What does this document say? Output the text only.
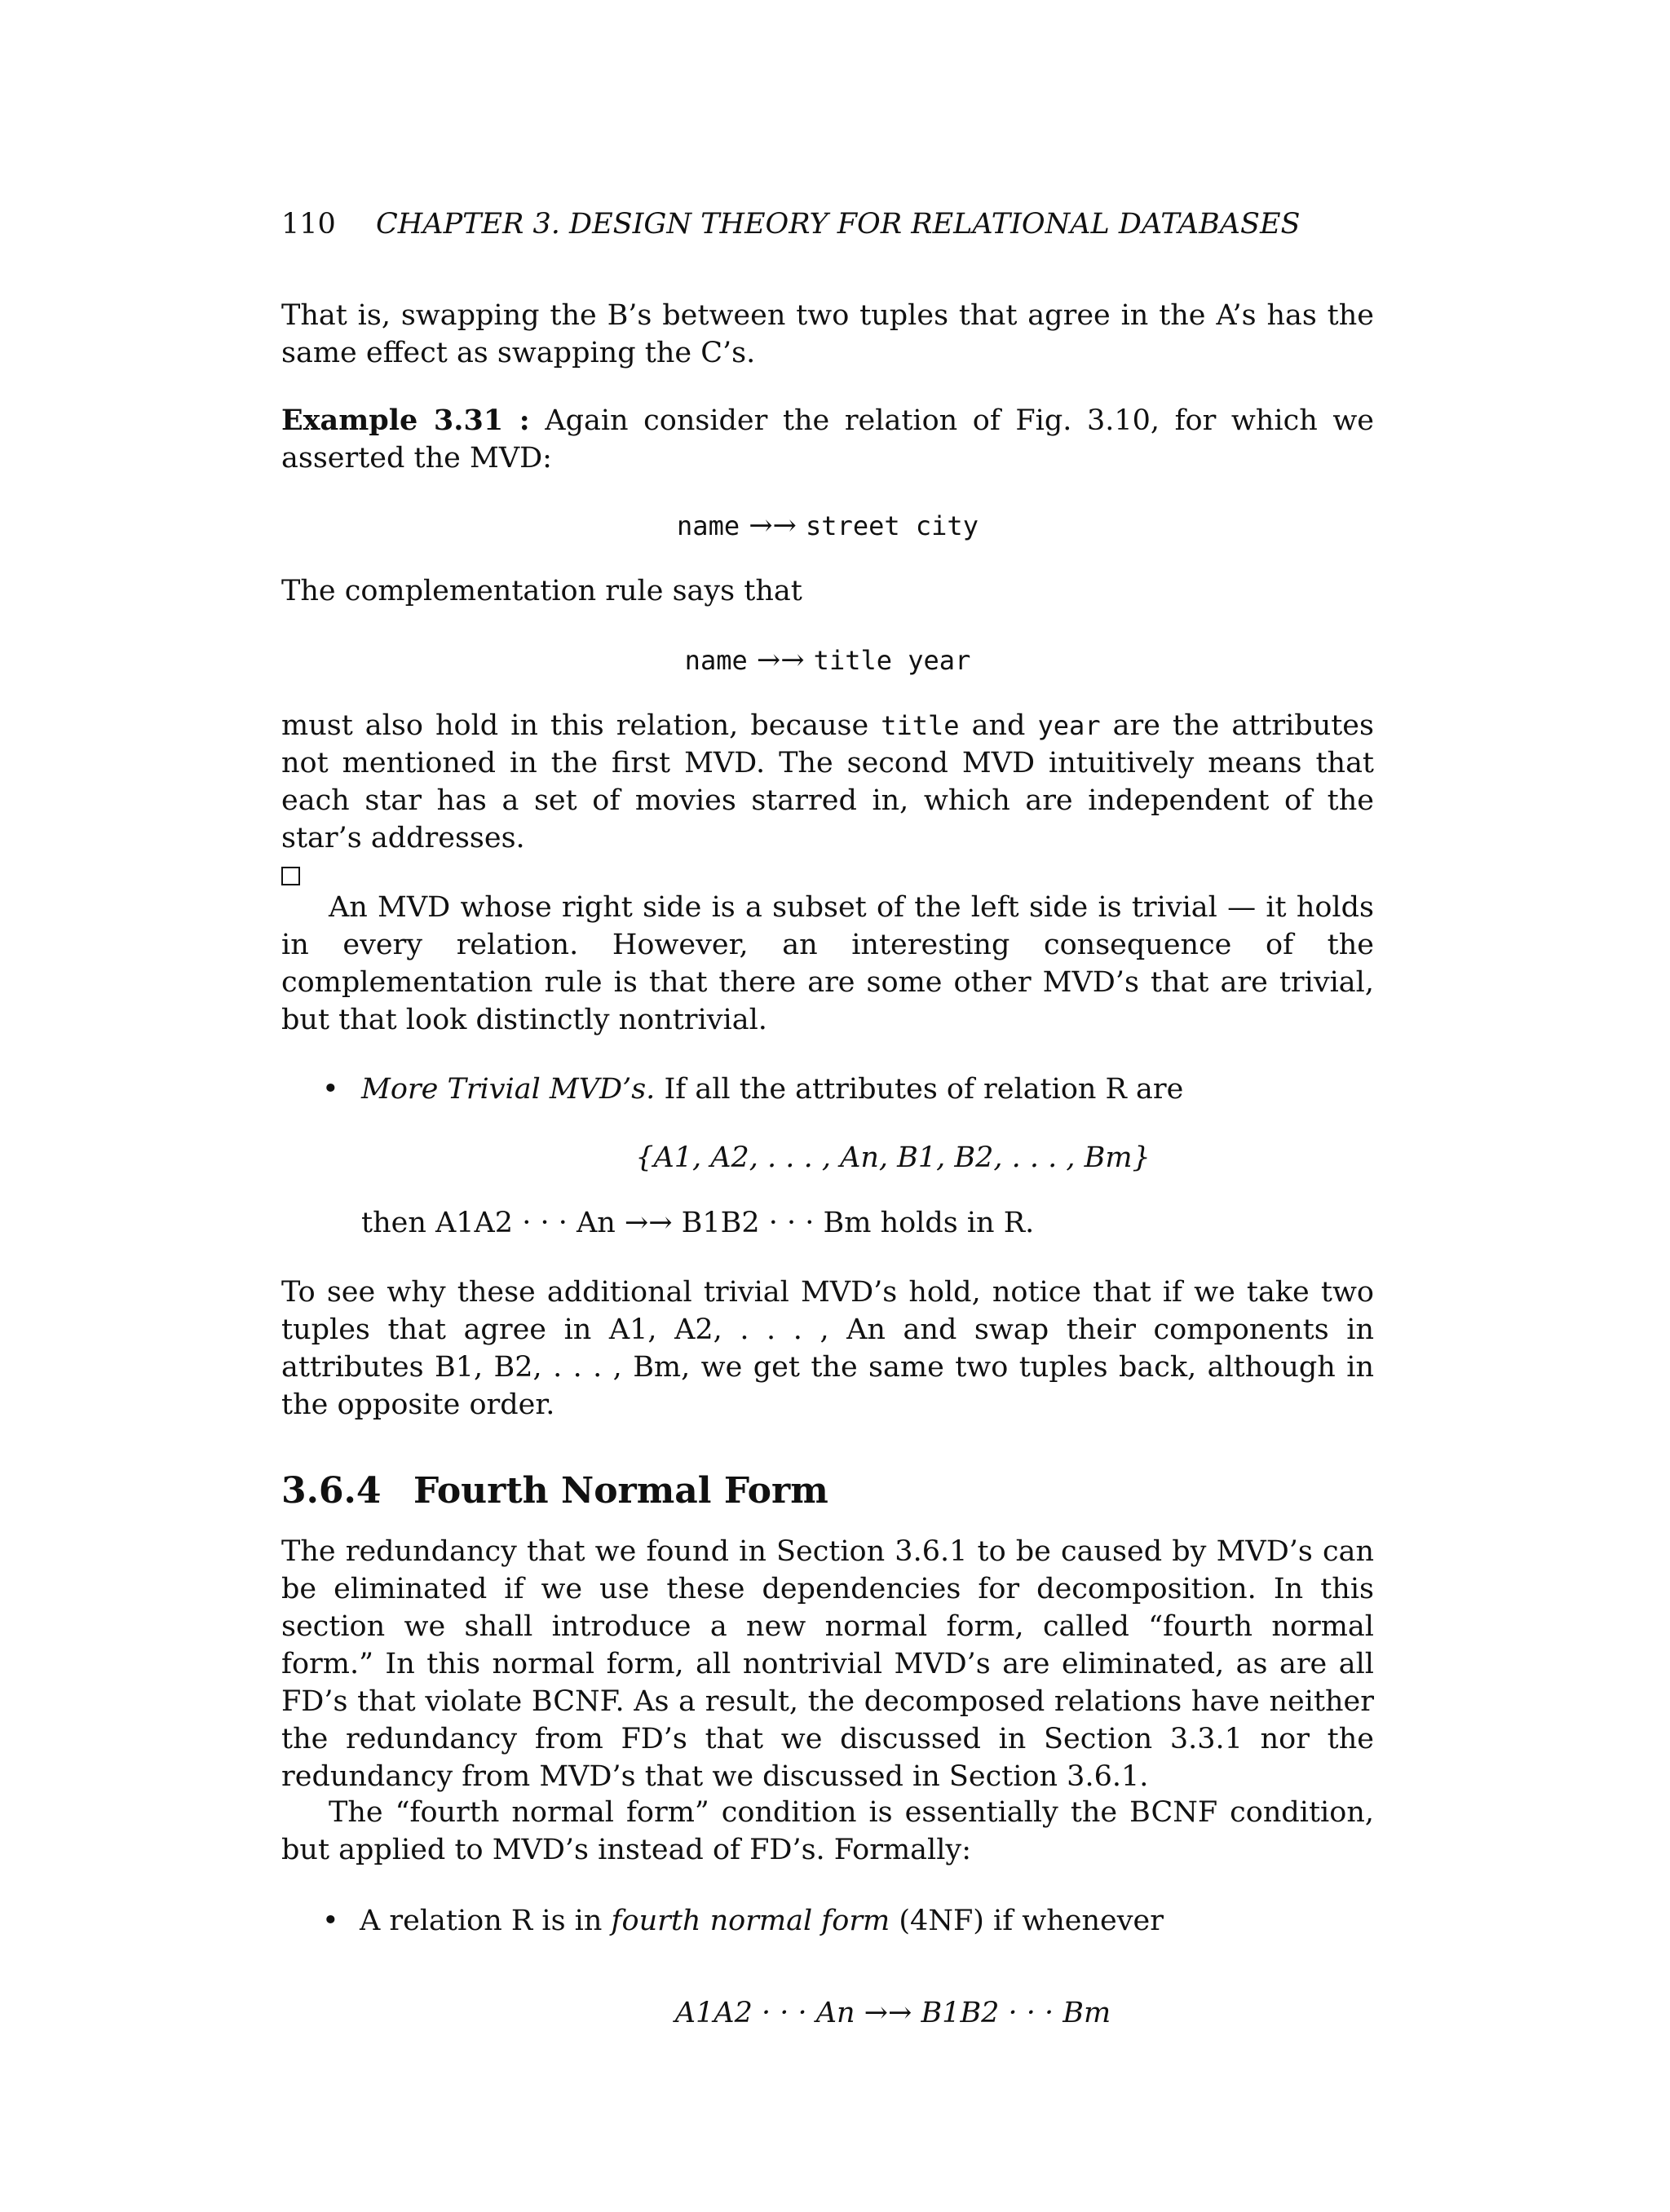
110 CHAPTER 3. DESIGN THEORY FOR RELATIONAL DATABASES
That is, swapping the B’s between two tuples that agree in the A’s has the same effect as swapping the C’s.
Example 3.31 : Again consider the relation of Fig. 3.10, for which we asserted the MVD:
name →→ street city
The complementation rule says that
name →→ title year
must also hold in this relation, because title and year are the attributes not mentioned in the first MVD. The second MVD intuitively means that each star has a set of movies starred in, which are independent of the star’s addresses.

An MVD whose right side is a subset of the left side is trivial — it holds in every relation. However, an interesting consequence of the complementation rule is that there are some other MVD’s that are trivial, but that look distinctly nontrivial.
• More Trivial MVD’s. If all the attributes of relation R are
{A1, A2, . . . , An, B1, B2, . . . , Bm}
then A1A2 · · · An →→ B1B2 · · · Bm holds in R.
To see why these additional trivial MVD’s hold, notice that if we take two tuples that agree in A1, A2, . . . , An and swap their components in attributes B1, B2, . . . , Bm, we get the same two tuples back, although in the opposite order.
3.6.4 Fourth Normal Form
The redundancy that we found in Section 3.6.1 to be caused by MVD’s can be eliminated if we use these dependencies for decomposition. In this section we shall introduce a new normal form, called “fourth normal form.” In this normal form, all nontrivial MVD’s are eliminated, as are all FD’s that violate BCNF. As a result, the decomposed relations have neither the redundancy from FD’s that we discussed in Section 3.3.1 nor the redundancy from MVD’s that we discussed in Section 3.6.1.
The “fourth normal form” condition is essentially the BCNF condition, but applied to MVD’s instead of FD’s. Formally:
• A relation R is in fourth normal form (4NF) if whenever
A1A2 · · · An →→ B1B2 · · · Bm
